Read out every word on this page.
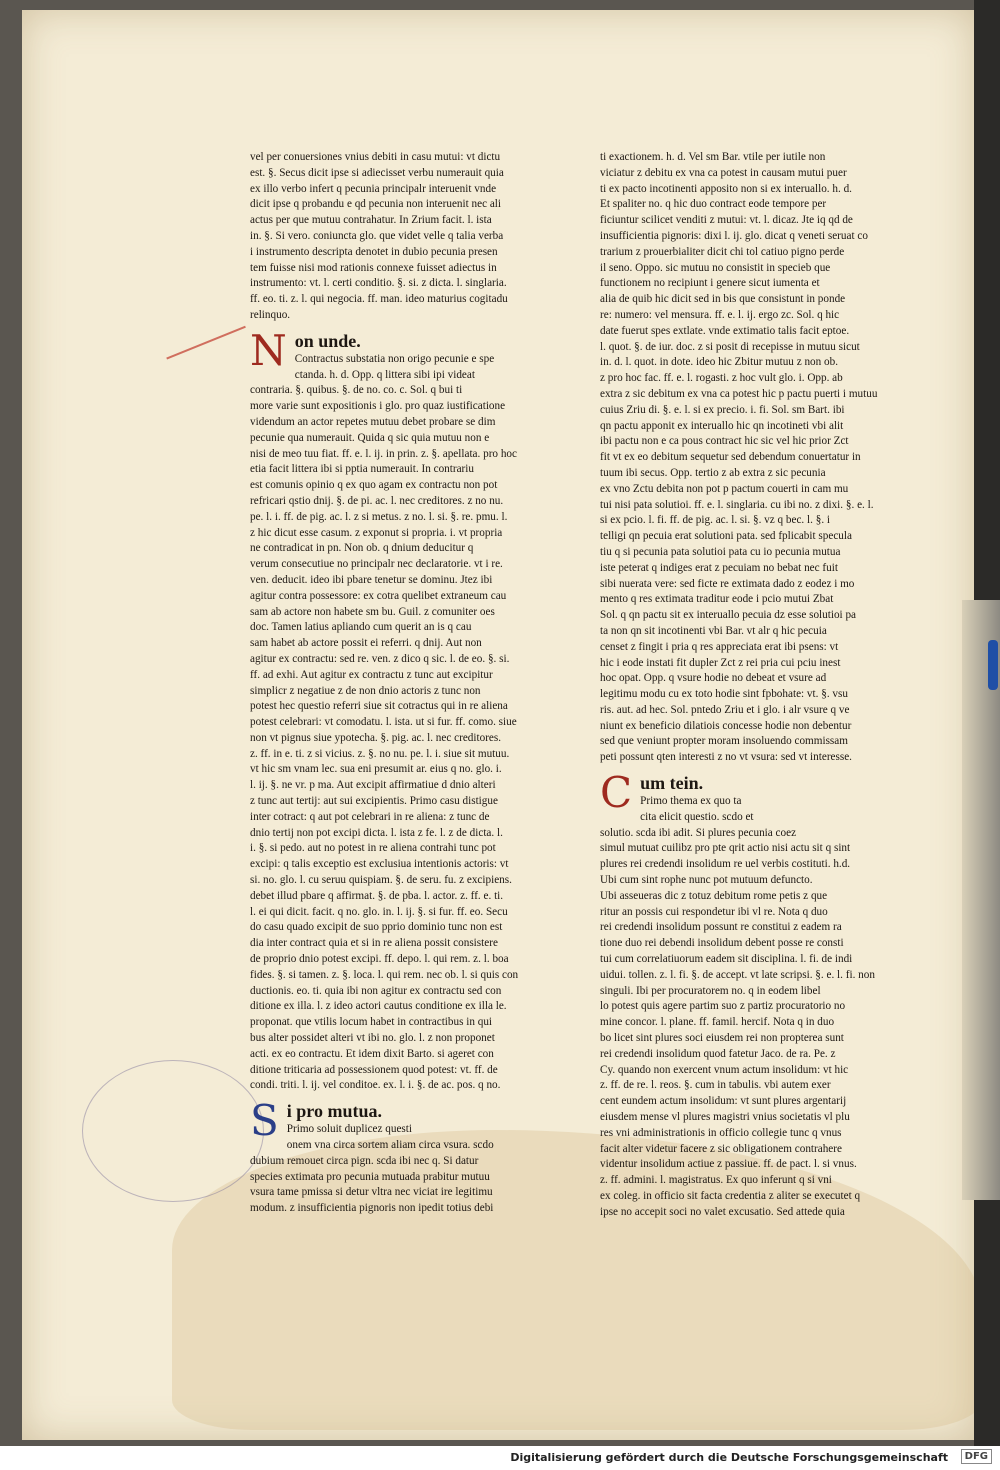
vel per conuersiones vnius debiti in casu mutui: vt dictu
est. §. Secus dicit ipse si adiecisset verbu numerauit quia
ex illo verbo infert q pecunia principalr interuenit vnde
dicit ipse q probandu e qd pecunia non interuenit nec ali
actus per que mutuu contrahatur. In Zrium facit. l. ista
in. §. Si vero. coniuncta glo. que videt velle q talia verba
i instrumento descripta denotet in dubio pecunia presen
tem fuisse nisi mod rationis connexe fuisset adiectus in
instrumento: vt. l. certi conditio. §. si. z dicta. l. singlaria.
ff. eo. ti. z. l. qui negocia. ff. man. ideo maturius cogitadu
relinquo.
N on unde.
Contractus substatia non origo pecunie e spe
ctanda. h. d. Opp. q littera sibi ipi videat
contraria. §. quibus. §. de no. co. c. Sol. q bui ti
more varie sunt expositionis i glo. pro quaz iustificatione
videndum an actor repetes mutuu debet probare se dim
pecunie qua numerauit. Quida q sic quia mutuu non e
nisi de meo tuu fiat. ff. e. l. ij. in prin. z. §. apellata. pro hoc
etia facit littera ibi si pptia numerauit. In contrariu
est comunis opinio q ex quo agam ex contractu non pot
refricari qstio dnij. §. de pi. ac. l. nec creditores. z no nu.
pe. l. i. ff. de pig. ac. l. z si metus. z no. l. si. §. re. pmu. l.
z hic dicut esse casum. z exponut si propria. i. vt propria
ne contradicat in pn. Non ob. q dnium deducitur q
verum consecutiue no principalr nec declaratorie. vt i re.
ven. deducit. ideo ibi pbare tenetur se dominu. Jtez ibi
agitur contra possessore: ex cotra quelibet extraneum cau
sam ab actore non habete sm bu. Guil. z comuniter oes
doc. Tamen latius apliando cum querit an is q cau
sam habet ab actore possit ei referri. q dnij. Aut non
agitur ex contractu: sed re. ven. z dico q sic. l. de eo. §. si.
ff. ad exhi. Aut agitur ex contractu z tunc aut excipitur
simplicr z negatiue z de non dnio actoris z tunc non
potest hec questio referri siue sit cotractus qui in re aliena
potest celebrari: vt comodatu. l. ista. ut si fur. ff. como. siue
non vt pignus siue ypotecha. §. pig. ac. l. nec creditores.
z. ff. in e. ti. z si vicius. z. §. no nu. pe. l. i. siue sit mutuu.
vt hic sm vnam lec. sua eni presumit ar. eius q no. glo. i.
l. ij. §. ne vr. p ma. Aut excipit affirmatiue d dnio alteri
z tunc aut tertij: aut sui excipientis. Primo casu distigue
inter cotract: q aut pot celebrari in re aliena: z tunc de
dnio tertij non pot excipi dicta. l. ista z fe. l. z de dicta. l.
i. §. si pedo. aut no potest in re aliena contrahi tunc pot
excipi: q talis exceptio est exclusiua intentionis actoris: vt
si. no. glo. l. cu seruu quispiam. §. de seru. fu. z excipiens.
debet illud pbare q affirmat. §. de pba. l. actor. z. ff. e. ti.
l. ei qui dicit. facit. q no. glo. in. l. ij. §. si fur. ff. eo. Secu
do casu quado excipit de suo pprio dominio tunc non est
dia inter contract quia et si in re aliena possit consistere
de proprio dnio potest excipi. ff. depo. l. qui rem. z. l. boa
fides. §. si tamen. z. §. loca. l. qui rem. nec ob. l. si quis con
ductionis. eo. ti. quia ibi non agitur ex contractu sed con
ditione ex illa. l. z ideo actori cautus conditione ex illa le.
proponat. que vtilis locum habet in contractibus in qui
bus alter possidet alteri vt ibi no. glo. l. z non proponet
acti. ex eo contractu. Et idem dixit Barto. si ageret con
ditione triticaria ad possessionem quod potest: vt. ff. de
condi. triti. l. ij. vel conditoe. ex. l. i. §. de ac. pos. q no.
S i pro mutua.
Primo soluit duplicez questi
onem vna circa sortem aliam circa vsura. scdo
dubium remouet circa pign. scda ibi nec q. Si datur
species extimata pro pecunia mutuada prabitur mutuu
vsura tame pmissa si detur vltra nec viciat ire legitimu
modum. z insufficientia pignoris non ipedit totius debi
ti exactionem. h. d. Vel sm Bar. vtile per iutile non
viciatur z debitu ex vna ca potest in causam mutui puer
ti ex pacto incotinenti apposito non si ex interuallo. h. d.
Et spaliter no. q hic duo contract eode tempore per
ficiuntur scilicet venditi z mutui: vt. l. dicaz. Jte iq qd de
insufficientia pignoris: dixi l. ij. glo. dicat q veneti seruat co
trarium z prouerbialiter dicit chi tol catiuo pigno perde
il seno. Oppo. sic mutuu no consistit in specieb que
functionem no recipiunt i genere sicut iumenta et
alia de quib hic dicit sed in bis que consistunt in ponde
re: numero: vel mensura. ff. e. l. ij. ergo zc. Sol. q hic
date fuerut spes extlate. vnde extimatio talis facit eptoe.
l. quot. §. de iur. doc. z si posit di recepisse in mutuu sicut
in. d. l. quot. in dote. ideo hic Zbitur mutuu z non ob.
z pro hoc fac. ff. e. l. rogasti. z hoc vult glo. i. Opp. ab
extra z sic debitum ex vna ca potest hic p pactu puerti i mutuu
cuius Zriu di. §. e. l. si ex precio. i. fi. Sol. sm Bart. ibi
qn pactu apponit ex interuallo hic qn incotineti vbi alit
ibi pactu non e ca pous contract hic sic vel hic prior Zct
fit vt ex eo debitum sequetur sed debendum conuertatur in
tuum ibi secus. Opp. tertio z ab extra z sic pecunia
ex vno Zctu debita non pot p pactum couerti in cam mu
tui nisi pata solutioi. ff. e. l. singlaria. cu ibi no. z dixi. §. e. l.
si ex pcio. l. fi. ff. de pig. ac. l. si. §. vz q bec. l. §. i
telligi qn pecuia erat solutioni pata. sed fplicabit specula
tiu q si pecunia pata solutioi pata cu io pecunia mutua
iste peterat q indiges erat z pecuiam no bebat nec fuit
sibi nuerata vere: sed ficte re extimata dado z eodez i mo
mento q res extimata traditur eode i pcio mutui Zbat
Sol. q qn pactu sit ex interuallo pecuia dz esse solutioi pa
ta non qn sit incotinenti vbi Bar. vt alr q hic pecuia
censet z fingit i pria q res appreciata erat ibi psens: vt
hic i eode instati fit dupler Zct z rei pria cui pciu inest
hoc opat. Opp. q vsure hodie no debeat et vsure ad
legitimu modu cu ex toto hodie sint fpbohate: vt. §. vsu
ris. aut. ad hec. Sol. pntedo Zriu et i glo. i alr vsure q ve
niunt ex beneficio dilatiois concesse hodie non debentur
sed que veniunt propter moram insoluendo commissam
peti possunt qten interesti z no vt vsura: sed vt interesse.
C um tein.
Primo thema ex quo ta
cita elicit questio. scdo et
solutio. scda ibi adit. Si plures pecunia coez
simul mutuat cuilibz pro pte qrit actio nisi actu sit q sint
plures rei credendi insolidum re uel verbis costituti. h.d.
Ubi cum sint rophe nunc pot mutuum defuncto.
Ubi asseueras dic z totuz debitum rome petis z que
ritur an possis cui respondetur ibi vl re. Nota q duo
rei credendi insolidum possunt re constitui z eadem ra
tione duo rei debendi insolidum debent posse re consti
tui cum correlatiuorum eadem sit disciplina. l. fi. de indi
uidui. tollen. z. l. fi. §. de accept. vt late scripsi. §. e. l. fi. non
singuli. Ibi per procuratorem no. q in eodem libel
lo potest quis agere partim suo z partiz procuratorio no
mine concor. l. plane. ff. famil. hercif. Nota q in duo
bo licet sint plures soci eiusdem rei non propterea sunt
rei credendi insolidum quod fatetur Jaco. de ra. Pe. z
Cy. quando non exercent vnum actum insolidum: vt hic
z. ff. de re. l. reos. §. cum in tabulis. vbi autem exer
cent eundem actum insolidum: vt sunt plures argentarij
eiusdem mense vl plures magistri vnius societatis vl plu
res vni administrationis in officio collegie tunc q vnus
facit alter videtur facere z sic obligationem contrahere
videntur insolidum actiue z passiue. ff. de pact. l. si vnus.
z. ff. admini. l. magistratus. Ex quo inferunt q si vni
ex coleg. in officio sit facta credentia z aliter se executet q
ipse no accepit soci no valet excusatio. Sed attede quia
Digitalisierung gefördert durch die Deutsche Forschungsgemeinschaft	DFG
